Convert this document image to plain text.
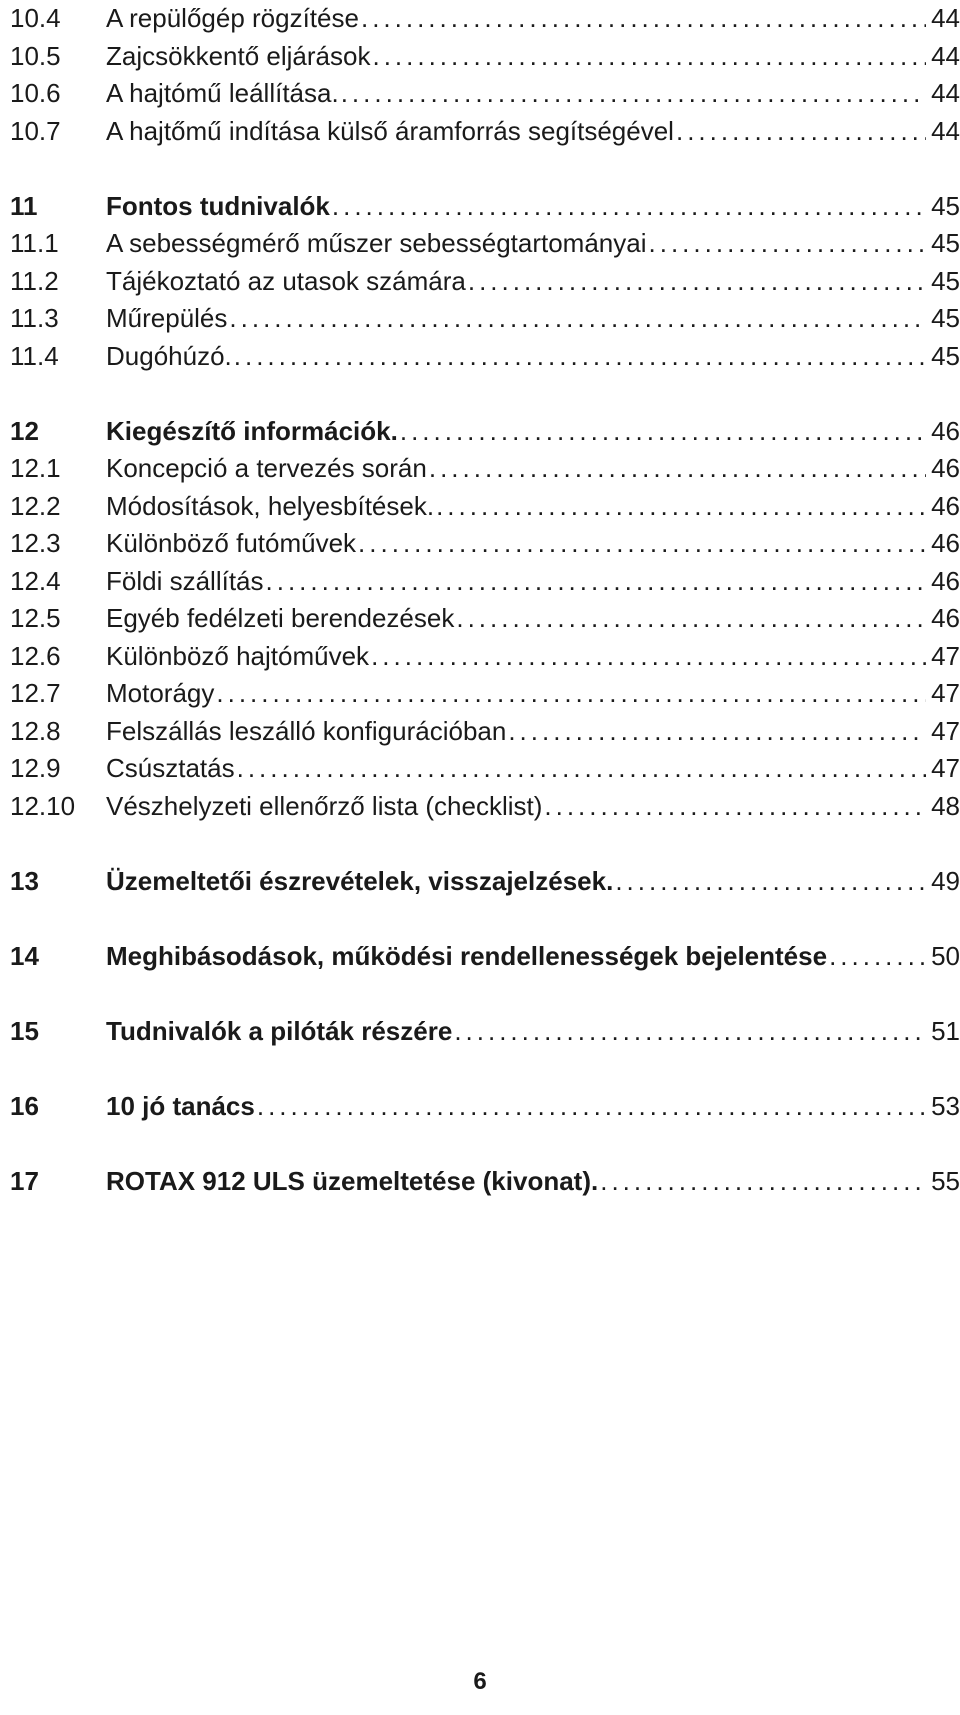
10.4	A repülőgép rögzítése .....	44
10.5	Zajcsökkentő eljárások .....	44
10.6	A hajtómű leállítása. .....	44
10.7	A hajtőmű indítása külső áramforrás segítségével .....	44
11	Fontos tudnivalók .....	45
11.1	A sebességmérő műszer sebességtartományai .....	45
11.2	Tájékoztató az utasok számára .....	45
11.3	Műrepülés .....	45
11.4	Dugóhúzó. .....	45
12	Kiegészítő információk. .....	46
12.1	Koncepció a tervezés során .....	46
12.2	Módosítások, helyesbítések. .....	46
12.3	Különböző futóművek .....	46
12.4	Földi szállítás .....	46
12.5	Egyéb fedélzeti berendezések .....	46
12.6	Különböző hajtóművek .....	47
12.7	Motorágy .....	47
12.8	Felszállás leszálló konfigurációban .....	47
12.9	Csúsztatás .....	47
12.10	Vészhelyzeti ellenőrző lista (checklist) .....	48
13	Üzemeltetői észrevételek, visszajelzések. .....	49
14	Meghibásodások, működési rendellenességek bejelentése .....	50
15	Tudnivalók a pilóták részére .....	51
16	10 jó tanács .....	53
17	ROTAX 912 ULS üzemeltetése (kivonat). .....	55
6
